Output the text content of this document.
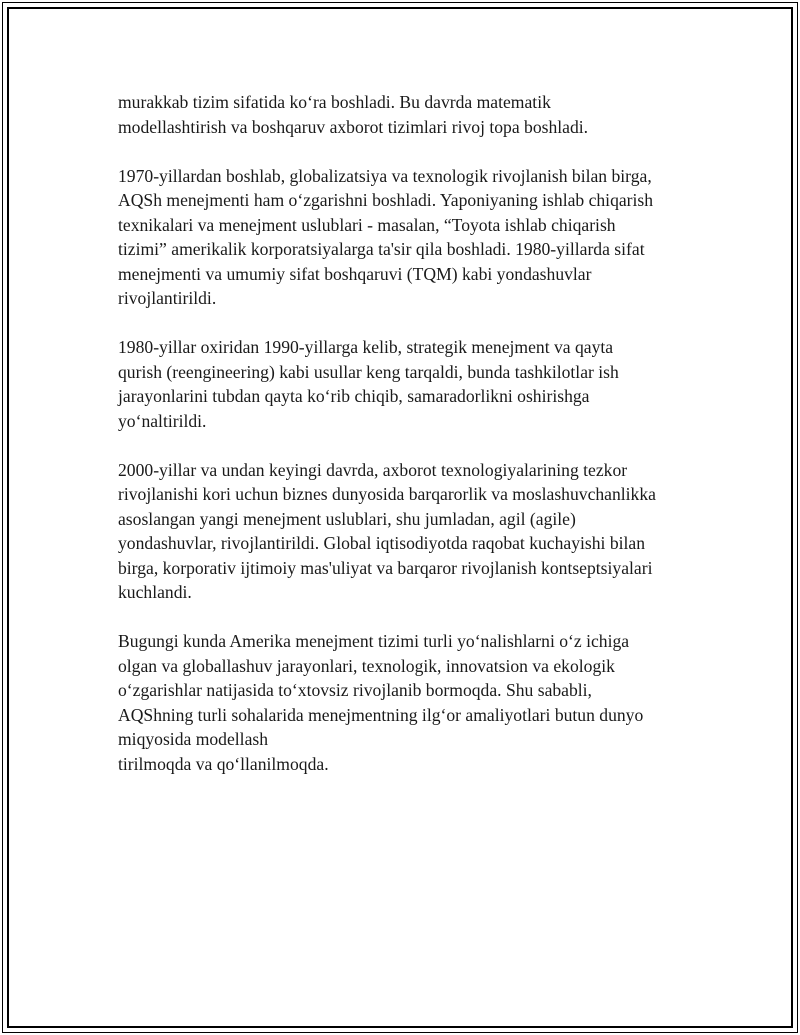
murakkab tizim sifatida ko‘ra boshladi. Bu davrda matematik
modellashtirish va boshqaruv axborot tizimlari rivoj topa boshladi.

1970-yillardan boshlab, globalizatsiya va texnologik rivojlanish bilan birga,
AQSh menejmenti ham o‘zgarishni boshladi. Yaponiyaning ishlab chiqarish
texnikalari va menejment uslublari - masalan, “Toyota ishlab chiqarish
tizimi” amerikalik korporatsiyalarga ta'sir qila boshladi. 1980-yillarda sifat
menejmenti va umumiy sifat boshqaruvi (TQM) kabi yondashuvlar
rivojlantirildi.

1980-yillar oxiridan 1990-yillarga kelib, strategik menejment va qayta
qurish (reengineering) kabi usullar keng tarqaldi, bunda tashkilotlar ish
jarayonlarini tubdan qayta ko‘rib chiqib, samaradorlikni oshirishga
yo‘naltirildi.

2000-yillar va undan keyingi davrda, axborot texnologiyalarining tezkor
rivojlanishi kori uchun biznes dunyosida barqarorlik va moslashuvchanlikka
asoslangan yangi menejment uslublari, shu jumladan, agil (agile)
yondashuvlar, rivojlantirildi. Global iqtisodiyotda raqobat kuchayishi bilan
birga, korporativ ijtimoiy mas'uliyat va barqaror rivojlanish kontseptsiyalari
kuchlandi.

Bugungi kunda Amerika menejment tizimi turli yo‘nalishlarni o‘z ichiga
olgan va globallashuv jarayonlari, texnologik, innovatsion va ekologik
o‘zgarishlar natijasida to‘xtovsiz rivojlanib bormoqda. Shu sababli,
AQShning turli sohalarida menejmentning ilg‘or amaliyotlari butun dunyo
miqyosida modellash
tirilmoqda va qo‘llanilmoqda.
